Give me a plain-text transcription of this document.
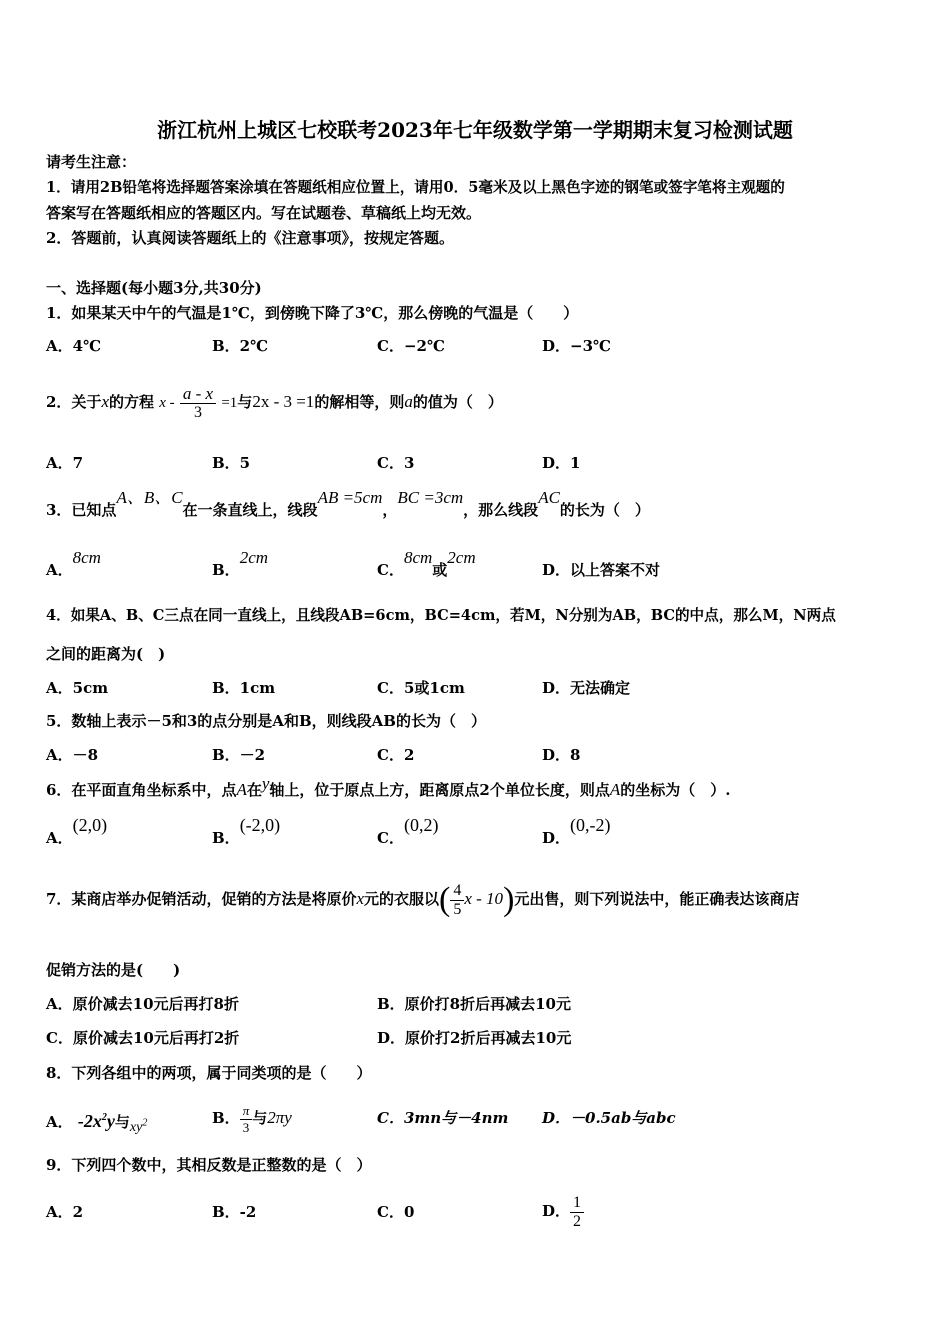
浙江杭州上城区七校联考2023年七年级数学第一学期期末复习检测试题
请考生注意：
1．请用2B铅笔将选择题答案涂填在答题纸相应位置上，请用0．5毫米及以上黑色字迹的钢笔或签字笔将主观题的
答案写在答题纸相应的答题区内。写在试题卷、草稿纸上均无效。
2．答题前，认真阅读答题纸上的《注意事项》，按规定答题。
一、选择题(每小题3分,共30分)
1．如果某天中午的气温是1℃，到傍晚下降了3℃，那么傍晚的气温是（　　）
A．4℃	B．2℃	C．−2℃	D．−3℃
2．关于x的方程 $x - \frac{a - x}{3} =1$与2x - 3 =1的解相等，则a的值为（　）
A．7	B．5	C．3	D．1
3．已知点A、B、C在一条直线上，线段AB =5cm，BC =3cm，那么线段AC的长为（　）
A．8cm
B．2cm
C．8cm或2cm
D．以上答案不对
4．如果A、B、C三点在同一直线上，且线段AB=6cm，BC=4cm，若M，N分别为AB，BC的中点，那么M，N两点
之间的距离为(　)
A．5cm	B．1cm	C．5或1cm	D．无法确定
5．数轴上表示－5和3的点分别是A和B，则线段AB的长为（　）
A．－8	B．－2	C．2	D．8
6．在平面直角坐标系中，点A在y轴上，位于原点上方，距离原点2个单位长度，则点A的坐标为（　）.
A．(2,0)
B．(-2,0)
C．(0,2)
D．(0,-2)
7．某商店举办促销活动，促销的方法是将原价x元的衣服以( $\frac{4}{5}$ x - 10)元出售，则下列说法中，能正确表达该商店
促销方法的是(　　)
A．原价减去10元后再打8折	B．原价打8折后再减去10元
C．原价减去10元后再打2折	D．原价打2折后再减去10元
8．下列各组中的两项，属于同类项的是（　　）
A． $-2x^2y$与$xy^2$	B． $\frac{\pi}{3}$ 与2πy	C．3mn与－4nm D．－0.5ab与abc
9．下列四个数中，其相反数是正整数的是（　）
A．2	B．-2	C．0	D． $\frac{1}{2}$
